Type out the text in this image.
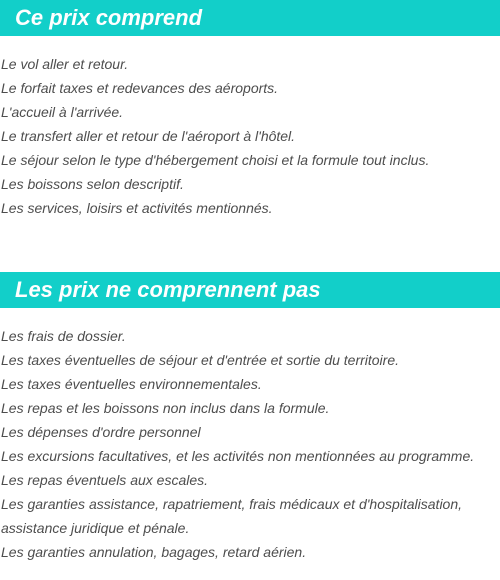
Ce prix comprend
Le vol aller et retour.
Le forfait taxes et redevances des aéroports.
L'accueil à l'arrivée.
Le transfert aller et retour de l'aéroport à l'hôtel.
Le séjour selon le type d'hébergement choisi et la formule tout inclus.
Les boissons selon descriptif.
Les services, loisirs et activités mentionnés.
Les prix ne comprennent pas
Les frais de dossier.
Les taxes éventuelles de séjour et d'entrée et sortie du territoire.
Les taxes éventuelles environnementales.
Les repas et les boissons non inclus dans la formule.
Les dépenses d'ordre personnel
Les excursions facultatives, et les activités non mentionnées au programme.
Les repas éventuels aux escales.
Les garanties assistance, rapatriement, frais médicaux et d'hospitalisation,
assistance juridique et pénale.
Les garanties annulation, bagages, retard aérien.
